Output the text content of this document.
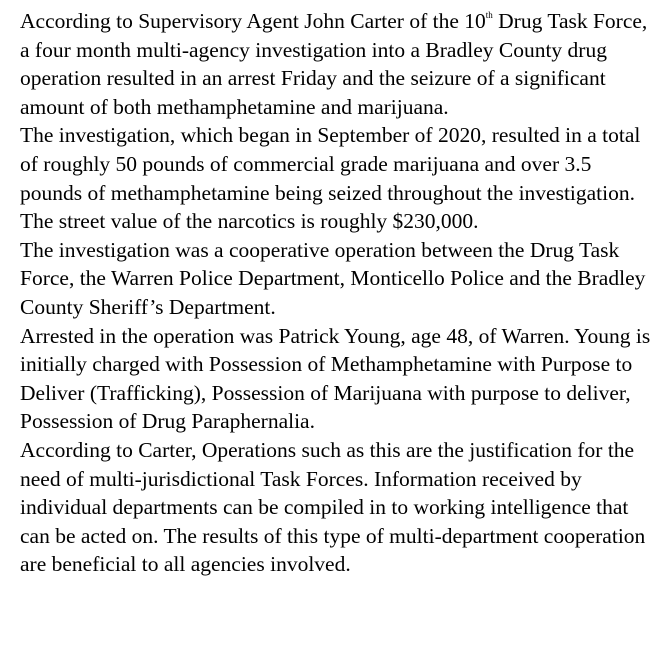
According to Supervisory Agent John Carter of the 10th Drug Task Force, a four month multi-agency investigation into a Bradley County drug operation resulted in an arrest Friday and the seizure of a significant amount of both methamphetamine and marijuana.

The investigation, which began in September of 2020, resulted in a total of roughly 50 pounds of commercial grade marijuana and over 3.5 pounds of methamphetamine being seized throughout the investigation. The street value of the narcotics is roughly $230,000.

The investigation was a cooperative operation between the Drug Task Force, the Warren Police Department, Monticello Police and the Bradley County Sheriff’s Department.

Arrested in the operation was Patrick Young, age 48, of Warren. Young is initially charged with Possession of Methamphetamine with Purpose to Deliver (Trafficking), Possession of Marijuana with purpose to deliver, Possession of Drug Paraphernalia.

According to Carter, Operations such as this are the justification for the need of multi-jurisdictional Task Forces. Information received by individual departments can be compiled in to working intelligence that can be acted on. The results of this type of multi-department cooperation are beneficial to all agencies involved.
